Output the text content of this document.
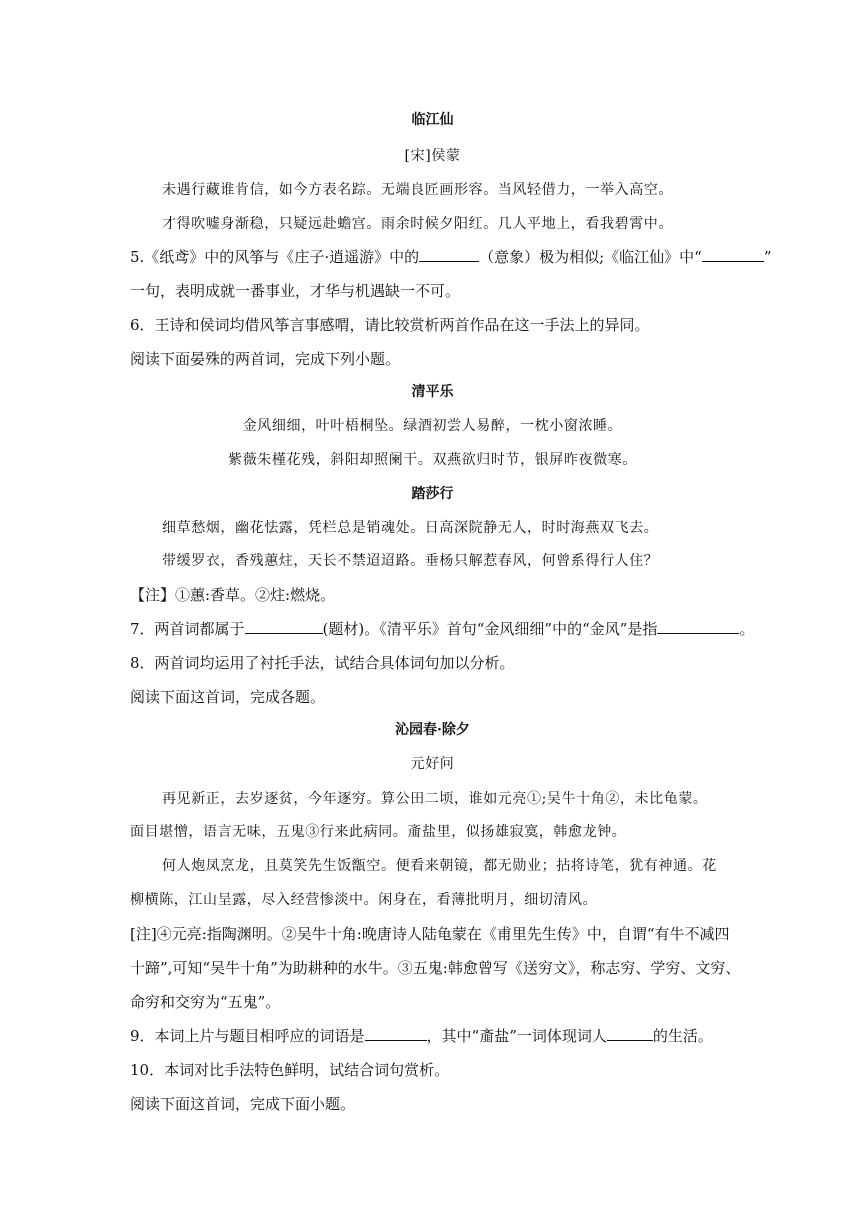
临江仙
[宋]侯蒙
未遇行藏谁肯信，如今方表名踪。无端良匠画形容。当风轻借力，一举入高空。
才得吹嘘身渐稳，只疑远赴蟾宫。雨余时候夕阳红。几人平地上，看我碧霄中。
5.《纸鸢》中的风筝与《庄子·逍遥游》中的	（意象）极为相似;《临江仙》中“	”
一句，表明成就一番事业，才华与机遇缺一不可。
6．王诗和侯词均借风筝言事感喟，请比较赏析两首作品在这一手法上的异同。
阅读下面晏殊的两首词，完成下列小题。
清平乐
金风细细，叶叶梧桐坠。绿酒初尝人易醉，一枕小窗浓睡。
紫薇朱槿花残，斜阳却照阑干。双燕欲归时节，银屏昨夜微寒。
踏莎行
细草愁烟，幽花怯露，凭栏总是销魂处。日高深院静无人，时时海燕双飞去。
带缓罗衣，香残蕙炷，天长不禁迢迢路。垂杨只解惹春风，何曾系得行人住？
【注】①蕙:香草。②炷:燃烧。
7．两首词都属于	(题材)。《清平乐》首句“金风细细”中的“金风”是指	。
8．两首词均运用了衬托手法，试结合具体词句加以分析。
阅读下面这首词，完成各题。
沁园春·除夕
元好问
再见新正，去岁逐贫，今年逐穷。算公田二顷，谁如元亮①;吴牛十角②，未比龟蒙。
面目堪憎，语言无味，五鬼③行来此病同。齑盐里，似扬雄寂寞，韩愈龙钟。
何人炮凤烹龙，且莫笑先生饭甑空。便看来朝镜，都无勋业；拈将诗笔，犹有神通。花
柳横陈，江山呈露，尽入经营惨淡中。闲身在，看薄批明月，细切清风。
[注]④元亮:指陶渊明。②吴牛十角:晚唐诗人陆龟蒙在《甫里先生传》中，自谓“有牛不减四
十蹄”,可知“吴牛十角”为助耕种的水牛。③五鬼:韩愈曾写《送穷文》，称志穷、学穷、文穷、
命穷和交穷为“五鬼”。
9．本词上片与题目相呼应的词语是	，其中“齑盐”一词体现词人	的生活。
10．本词对比手法特色鲜明，试结合词句赏析。
阅读下面这首词，完成下面小题。
